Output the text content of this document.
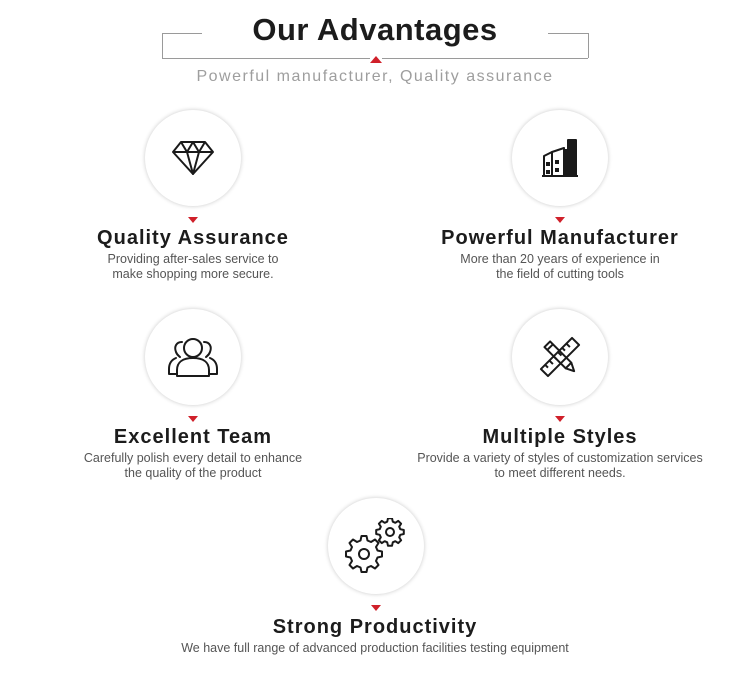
Our Advantages
Powerful manufacturer, Quality assurance
Quality Assurance
Providing after-sales service to
make shopping more secure.
Powerful Manufacturer
More than 20 years of experience in
the field of cutting tools
Excellent Team
Carefully polish every detail to enhance
the quality of the product
Multiple Styles
Provide a variety of styles of customization services
to meet different needs.
Strong Productivity
We have full range of advanced production facilities testing equipment
